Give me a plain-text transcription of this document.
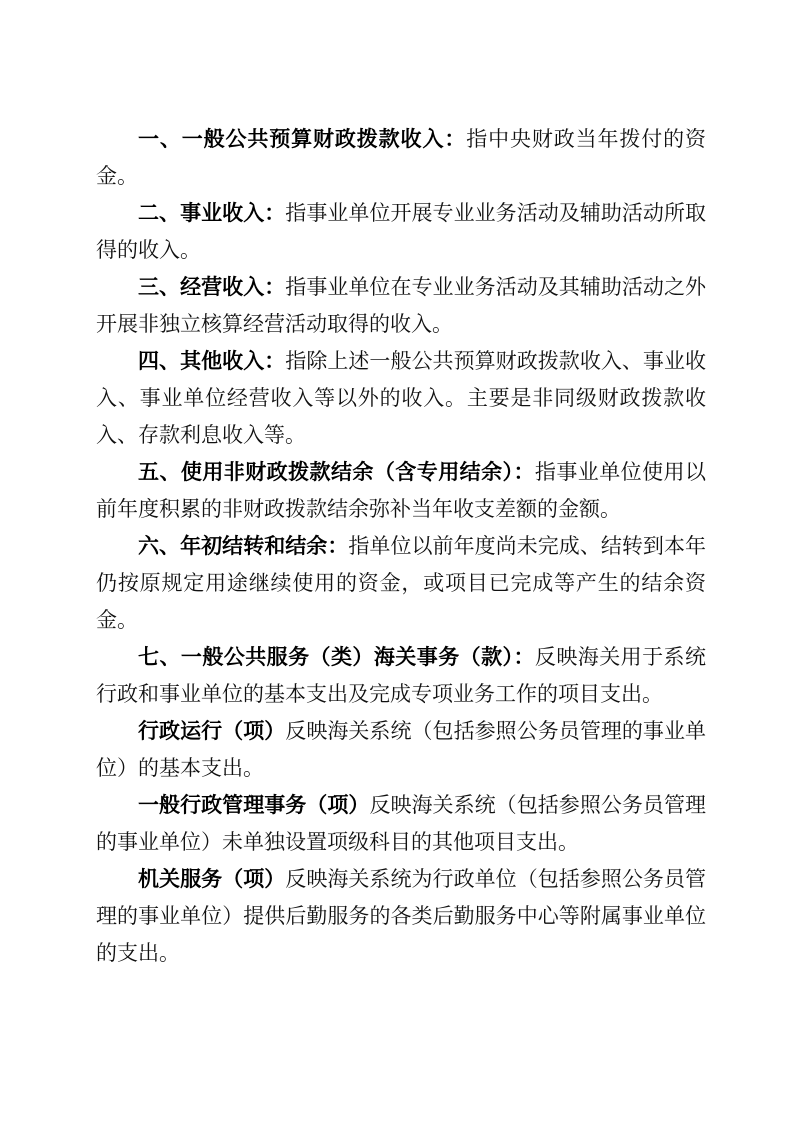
一、一般公共预算财政拨款收入：指中央财政当年拨付的资金。

二、事业收入：指事业单位开展专业业务活动及辅助活动所取得的收入。

三、经营收入：指事业单位在专业业务活动及其辅助活动之外开展非独立核算经营活动取得的收入。

四、其他收入：指除上述一般公共预算财政拨款收入、事业收入、事业单位经营收入等以外的收入。主要是非同级财政拨款收入、存款利息收入等。

五、使用非财政拨款结余（含专用结余）：指事业单位使用以前年度积累的非财政拨款结余弥补当年收支差额的金额。

六、年初结转和结余：指单位以前年度尚未完成、结转到本年仍按原规定用途继续使用的资金，或项目已完成等产生的结余资金。

七、一般公共服务（类）海关事务（款）：反映海关用于系统行政和事业单位的基本支出及完成专项业务工作的项目支出。

行政运行（项）反映海关系统（包括参照公务员管理的事业单位）的基本支出。

一般行政管理事务（项）反映海关系统（包括参照公务员管理的事业单位）未单独设置项级科目的其他项目支出。

机关服务（项）反映海关系统为行政单位（包括参照公务员管理的事业单位）提供后勤服务的各类后勤服务中心等附属事业单位的支出。
